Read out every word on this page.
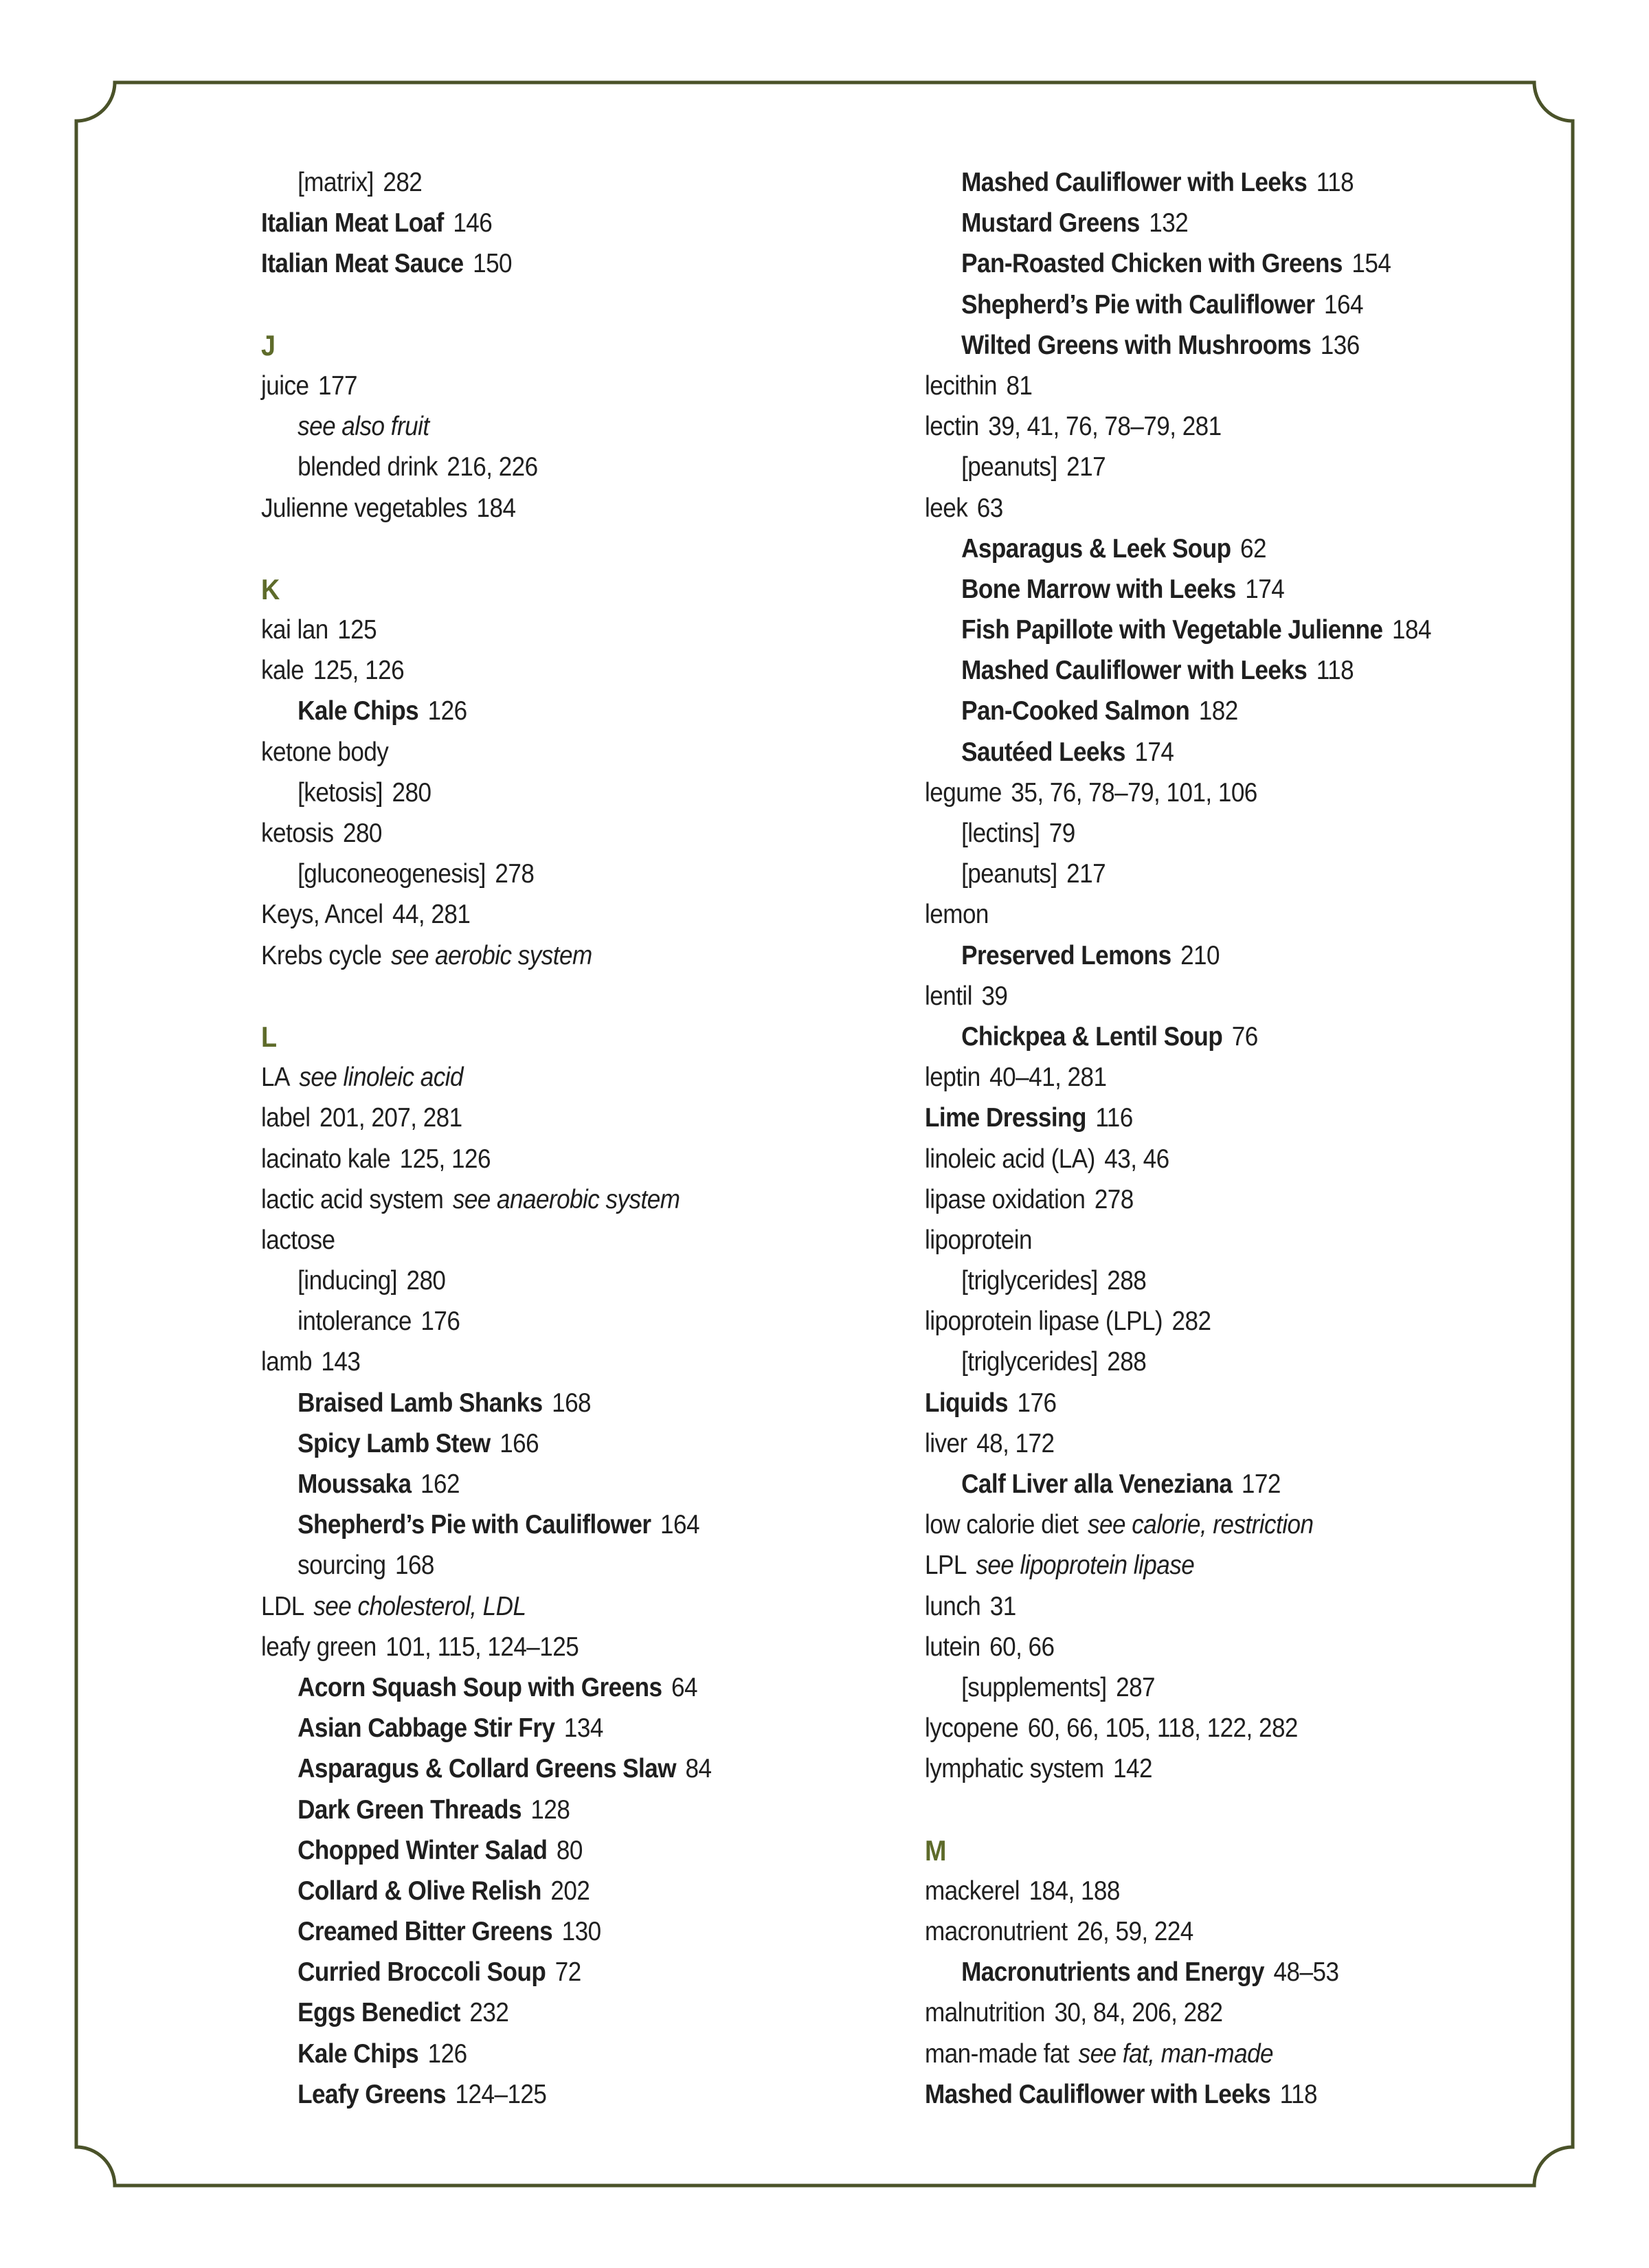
[matrix] 282
Italian Meat Loaf 146
Italian Meat Sauce 150
J
juice 177
see also fruit
blended drink 216, 226
Julienne vegetables 184
K
kai lan 125
kale 125, 126
Kale Chips 126
ketone body
[ketosis] 280
ketosis 280
[gluconeogenesis] 278
Keys, Ancel 44, 281
Krebs cycle see aerobic system
L
LA see linoleic acid
label 201, 207, 281
lacinato kale 125, 126
lactic acid system see anaerobic system
lactose
[inducing] 280
intolerance 176
lamb 143
Braised Lamb Shanks 168
Spicy Lamb Stew 166
Moussaka 162
Shepherd’s Pie with Cauliflower 164
sourcing 168
LDL see cholesterol, LDL
leafy green 101, 115, 124–125
Acorn Squash Soup with Greens 64
Asian Cabbage Stir Fry 134
Asparagus & Collard Greens Slaw 84
Dark Green Threads 128
Chopped Winter Salad 80
Collard & Olive Relish 202
Creamed Bitter Greens 130
Curried Broccoli Soup 72
Eggs Benedict 232
Kale Chips 126
Leafy Greens 124–125
Mashed Cauliflower with Leeks 118
Mustard Greens 132
Pan-Roasted Chicken with Greens 154
Shepherd’s Pie with Cauliflower 164
Wilted Greens with Mushrooms 136
lecithin 81
lectin 39, 41, 76, 78–79, 281
[peanuts] 217
leek 63
Asparagus & Leek Soup 62
Bone Marrow with Leeks 174
Fish Papillote with Vegetable Julienne 184
Mashed Cauliflower with Leeks 118
Pan-Cooked Salmon 182
Sautéed Leeks 174
legume 35, 76, 78–79, 101, 106
[lectins] 79
[peanuts] 217
lemon
Preserved Lemons 210
lentil 39
Chickpea & Lentil Soup 76
leptin 40–41, 281
Lime Dressing 116
linoleic acid (LA) 43, 46
lipase oxidation 278
lipoprotein
[triglycerides] 288
lipoprotein lipase (LPL) 282
[triglycerides] 288
Liquids 176
liver 48, 172
Calf Liver alla Veneziana 172
low calorie diet see calorie, restriction
LPL see lipoprotein lipase
lunch 31
lutein 60, 66
[supplements] 287
lycopene 60, 66, 105, 118, 122, 282
lymphatic system 142
M
mackerel 184, 188
macronutrient 26, 59, 224
Macronutrients and Energy 48–53
malnutrition 30, 84, 206, 282
man-made fat see fat, man-made
Mashed Cauliflower with Leeks 118
